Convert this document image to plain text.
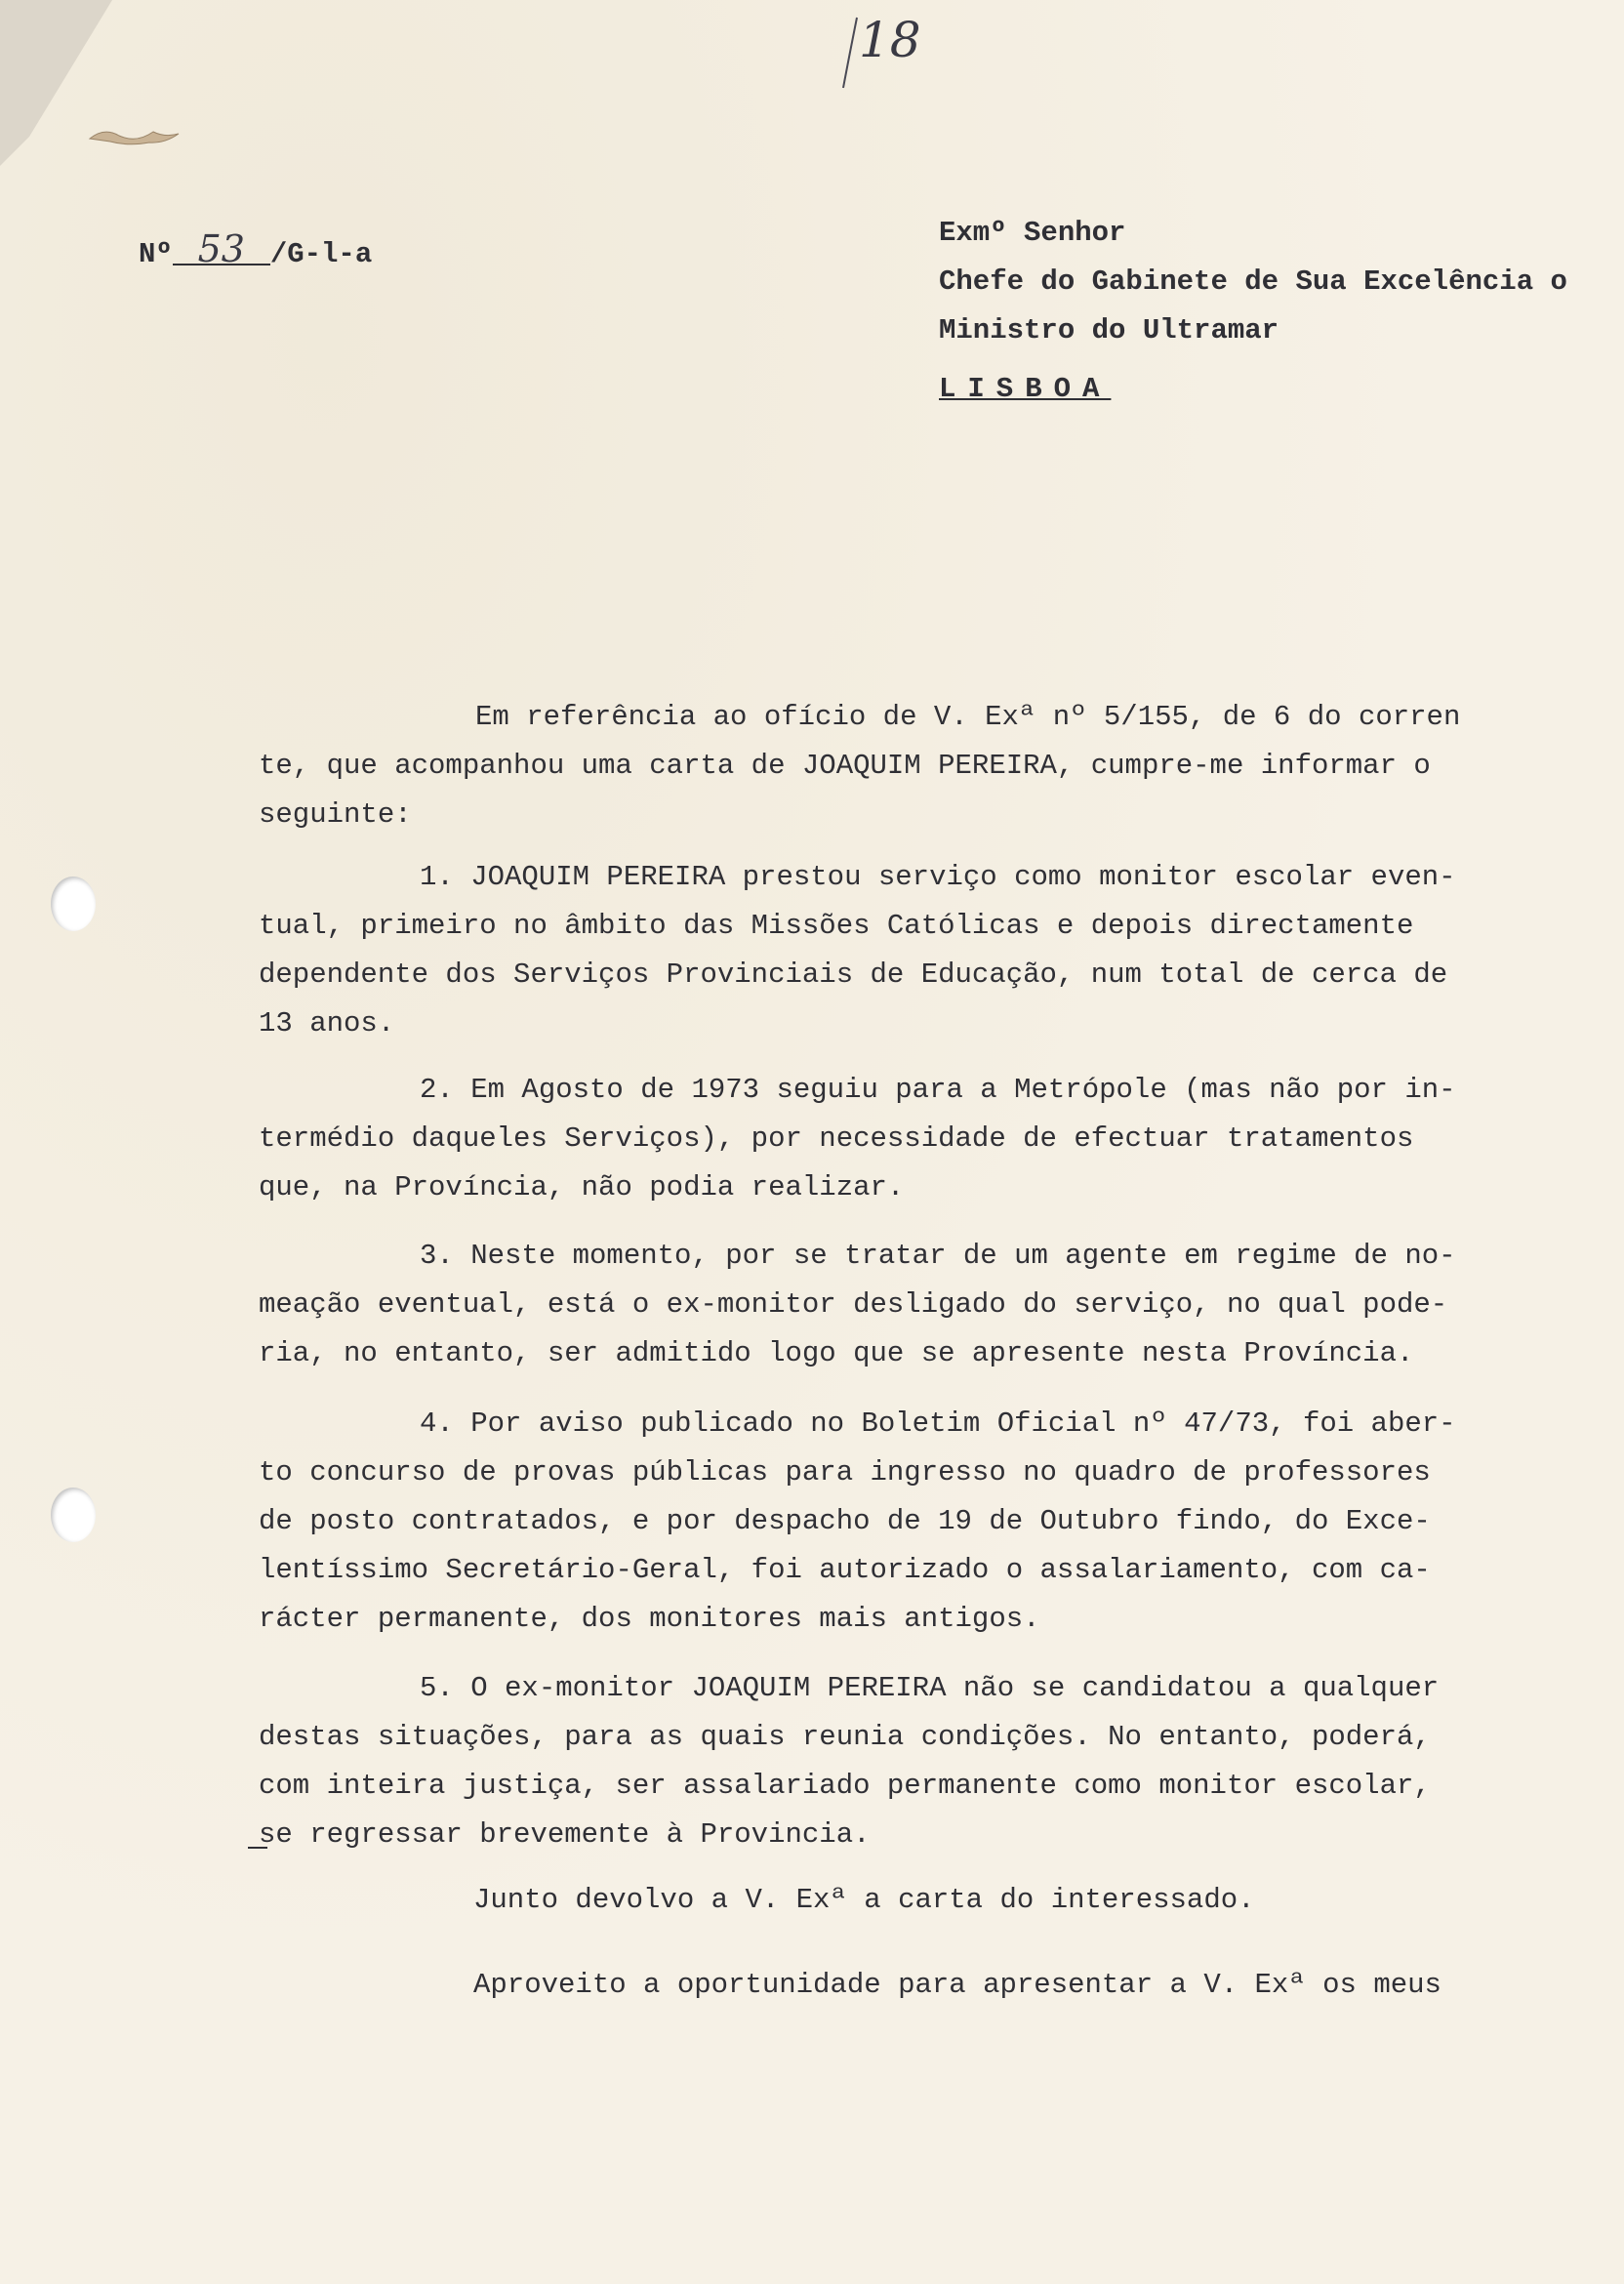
18
Nº 53 /G-l-a
Exmº Senhor
Chefe do Gabinete de Sua Excelência o
Ministro do Ultramar
LISBOA
Em referência ao ofício de V. Exª nº 5/155, de 6 do corren
te, que acompanhou uma carta de JOAQUIM PEREIRA, cumpre-me informar o
seguinte:
1. JOAQUIM PEREIRA prestou serviço como monitor escolar even-
tual, primeiro no âmbito das Missões Católicas e depois directamente
dependente dos Serviços Provinciais de Educação, num total de cerca de
13 anos.
2. Em Agosto de 1973 seguiu para a Metrópole (mas não por in-
termédio daqueles Serviços), por necessidade de efectuar tratamentos
que, na Província, não podia realizar.
3. Neste momento, por se tratar de um agente em regime de no-
meação eventual, está o ex-monitor desligado do serviço, no qual pode-
ria, no entanto, ser admitido logo que se apresente nesta Província.
4. Por aviso publicado no Boletim Oficial nº 47/73, foi aber-
to concurso de provas públicas para ingresso no quadro de professores
de posto contratados, e por despacho de 19 de Outubro findo, do Exce-
lentíssimo Secretário-Geral, foi autorizado o assalariamento, com ca-
rácter permanente, dos monitores mais antigos.
5. O ex-monitor JOAQUIM PEREIRA não se candidatou a qualquer
destas situações, para as quais reunia condições. No entanto, poderá,
com inteira justiça, ser assalariado permanente como monitor escolar,
se regressar brevemente à Provincia.
Junto devolvo a V. Exª a carta do interessado.
Aproveito a oportunidade para apresentar a V. Exª os meus
